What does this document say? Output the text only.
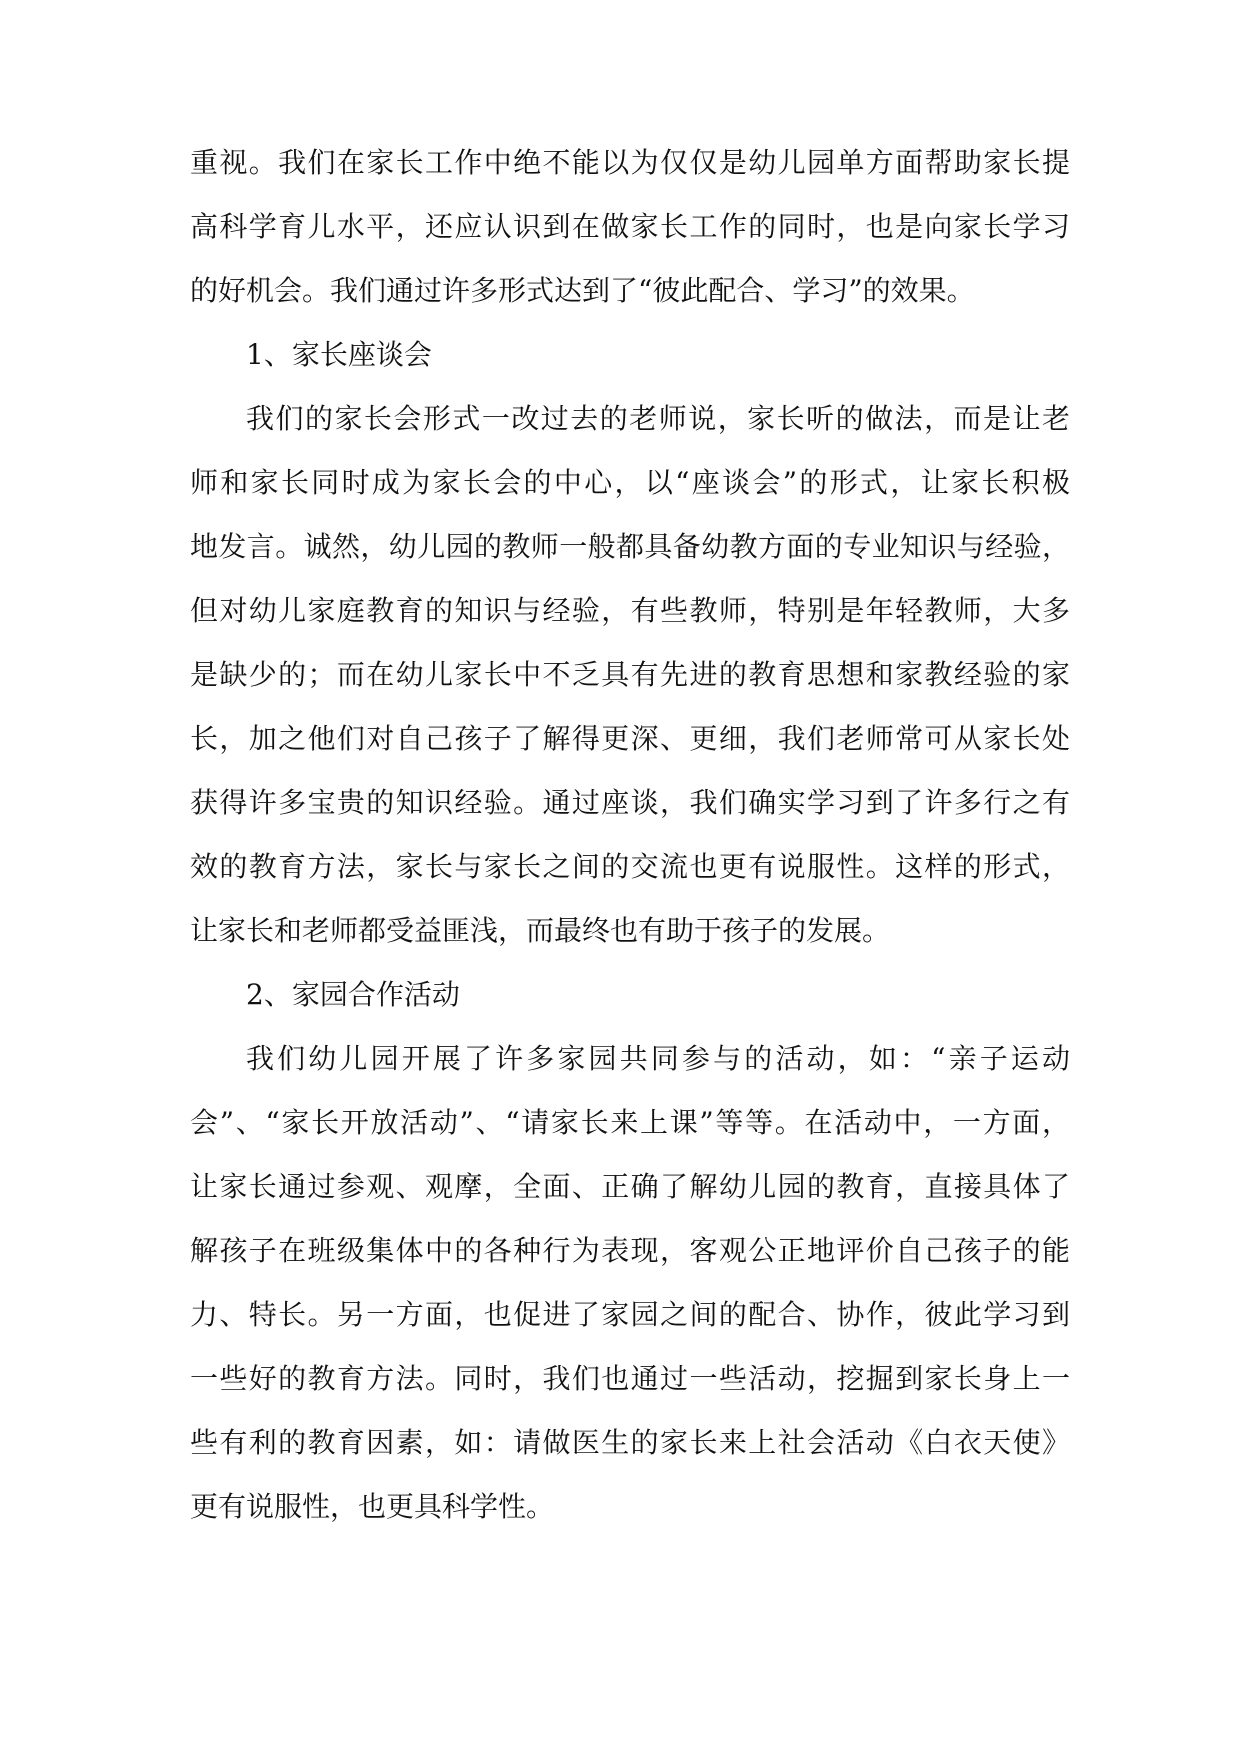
重视。我们在家长工作中绝不能以为仅仅是幼儿园单方面帮助家长提
高科学育儿水平，还应认识到在做家长工作的同时，也是向家长学习
的好机会。我们通过许多形式达到了“彼此配合、学习”的效果。
1、家长座谈会
我们的家长会形式一改过去的老师说，家长听的做法，而是让老
师和家长同时成为家长会的中心，以“座谈会”的形式，让家长积极
地发言。诚然，幼儿园的教师一般都具备幼教方面的专业知识与经验，
但对幼儿家庭教育的知识与经验，有些教师，特别是年轻教师，大多
是缺少的；而在幼儿家长中不乏具有先进的教育思想和家教经验的家
长，加之他们对自己孩子了解得更深、更细，我们老师常可从家长处
获得许多宝贵的知识经验。通过座谈，我们确实学习到了许多行之有
效的教育方法，家长与家长之间的交流也更有说服性。这样的形式，
让家长和老师都受益匪浅，而最终也有助于孩子的发展。
2、家园合作活动
我们幼儿园开展了许多家园共同参与的活动，如：“亲子运动
会”、“家长开放活动”、“请家长来上课”等等。在活动中，一方面，
让家长通过参观、观摩，全面、正确了解幼儿园的教育，直接具体了
解孩子在班级集体中的各种行为表现，客观公正地评价自己孩子的能
力、特长。另一方面，也促进了家园之间的配合、协作，彼此学习到
一些好的教育方法。同时，我们也通过一些活动，挖掘到家长身上一
些有利的教育因素，如：请做医生的家长来上社会活动《白衣天使》
更有说服性，也更具科学性。
